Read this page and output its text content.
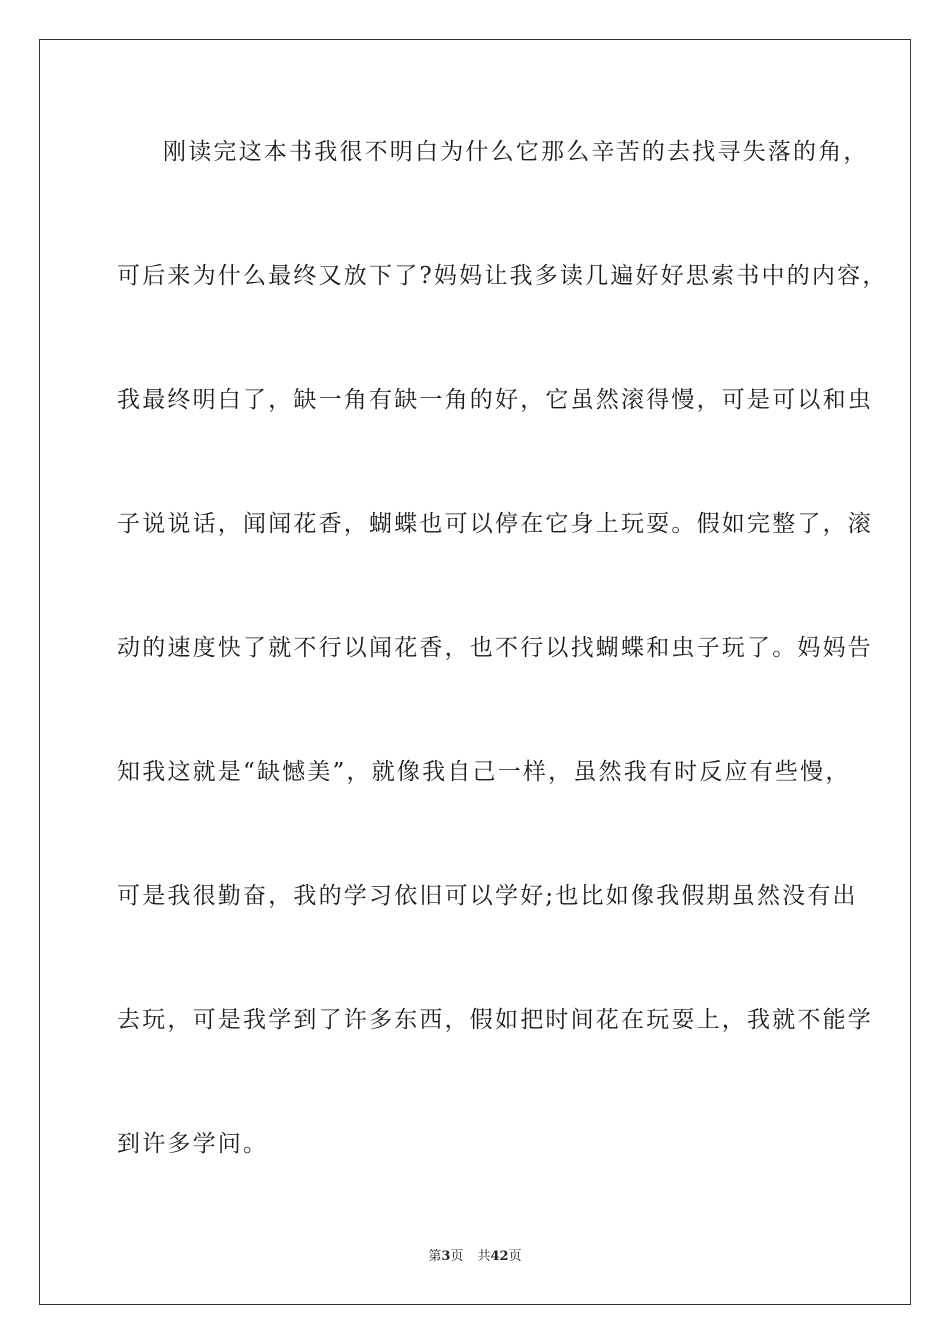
刚读完这本书我很不明白为什么它那么辛苦的去找寻失落的角，
可后来为什么最终又放下了?妈妈让我多读几遍好好思索书中的内容，
我最终明白了，缺一角有缺一角的好，它虽然滚得慢，可是可以和虫
子说说话，闻闻花香，蝴蝶也可以停在它身上玩耍。假如完整了，滚
动的速度快了就不行以闻花香，也不行以找蝴蝶和虫子玩了。妈妈告
知我这就是“缺憾美”，就像我自己一样，虽然我有时反应有些慢，
可是我很勤奋，我的学习依旧可以学好;也比如像我假期虽然没有出
去玩，可是我学到了许多东西，假如把时间花在玩耍上，我就不能学
到许多学问。
第3页 共42页
